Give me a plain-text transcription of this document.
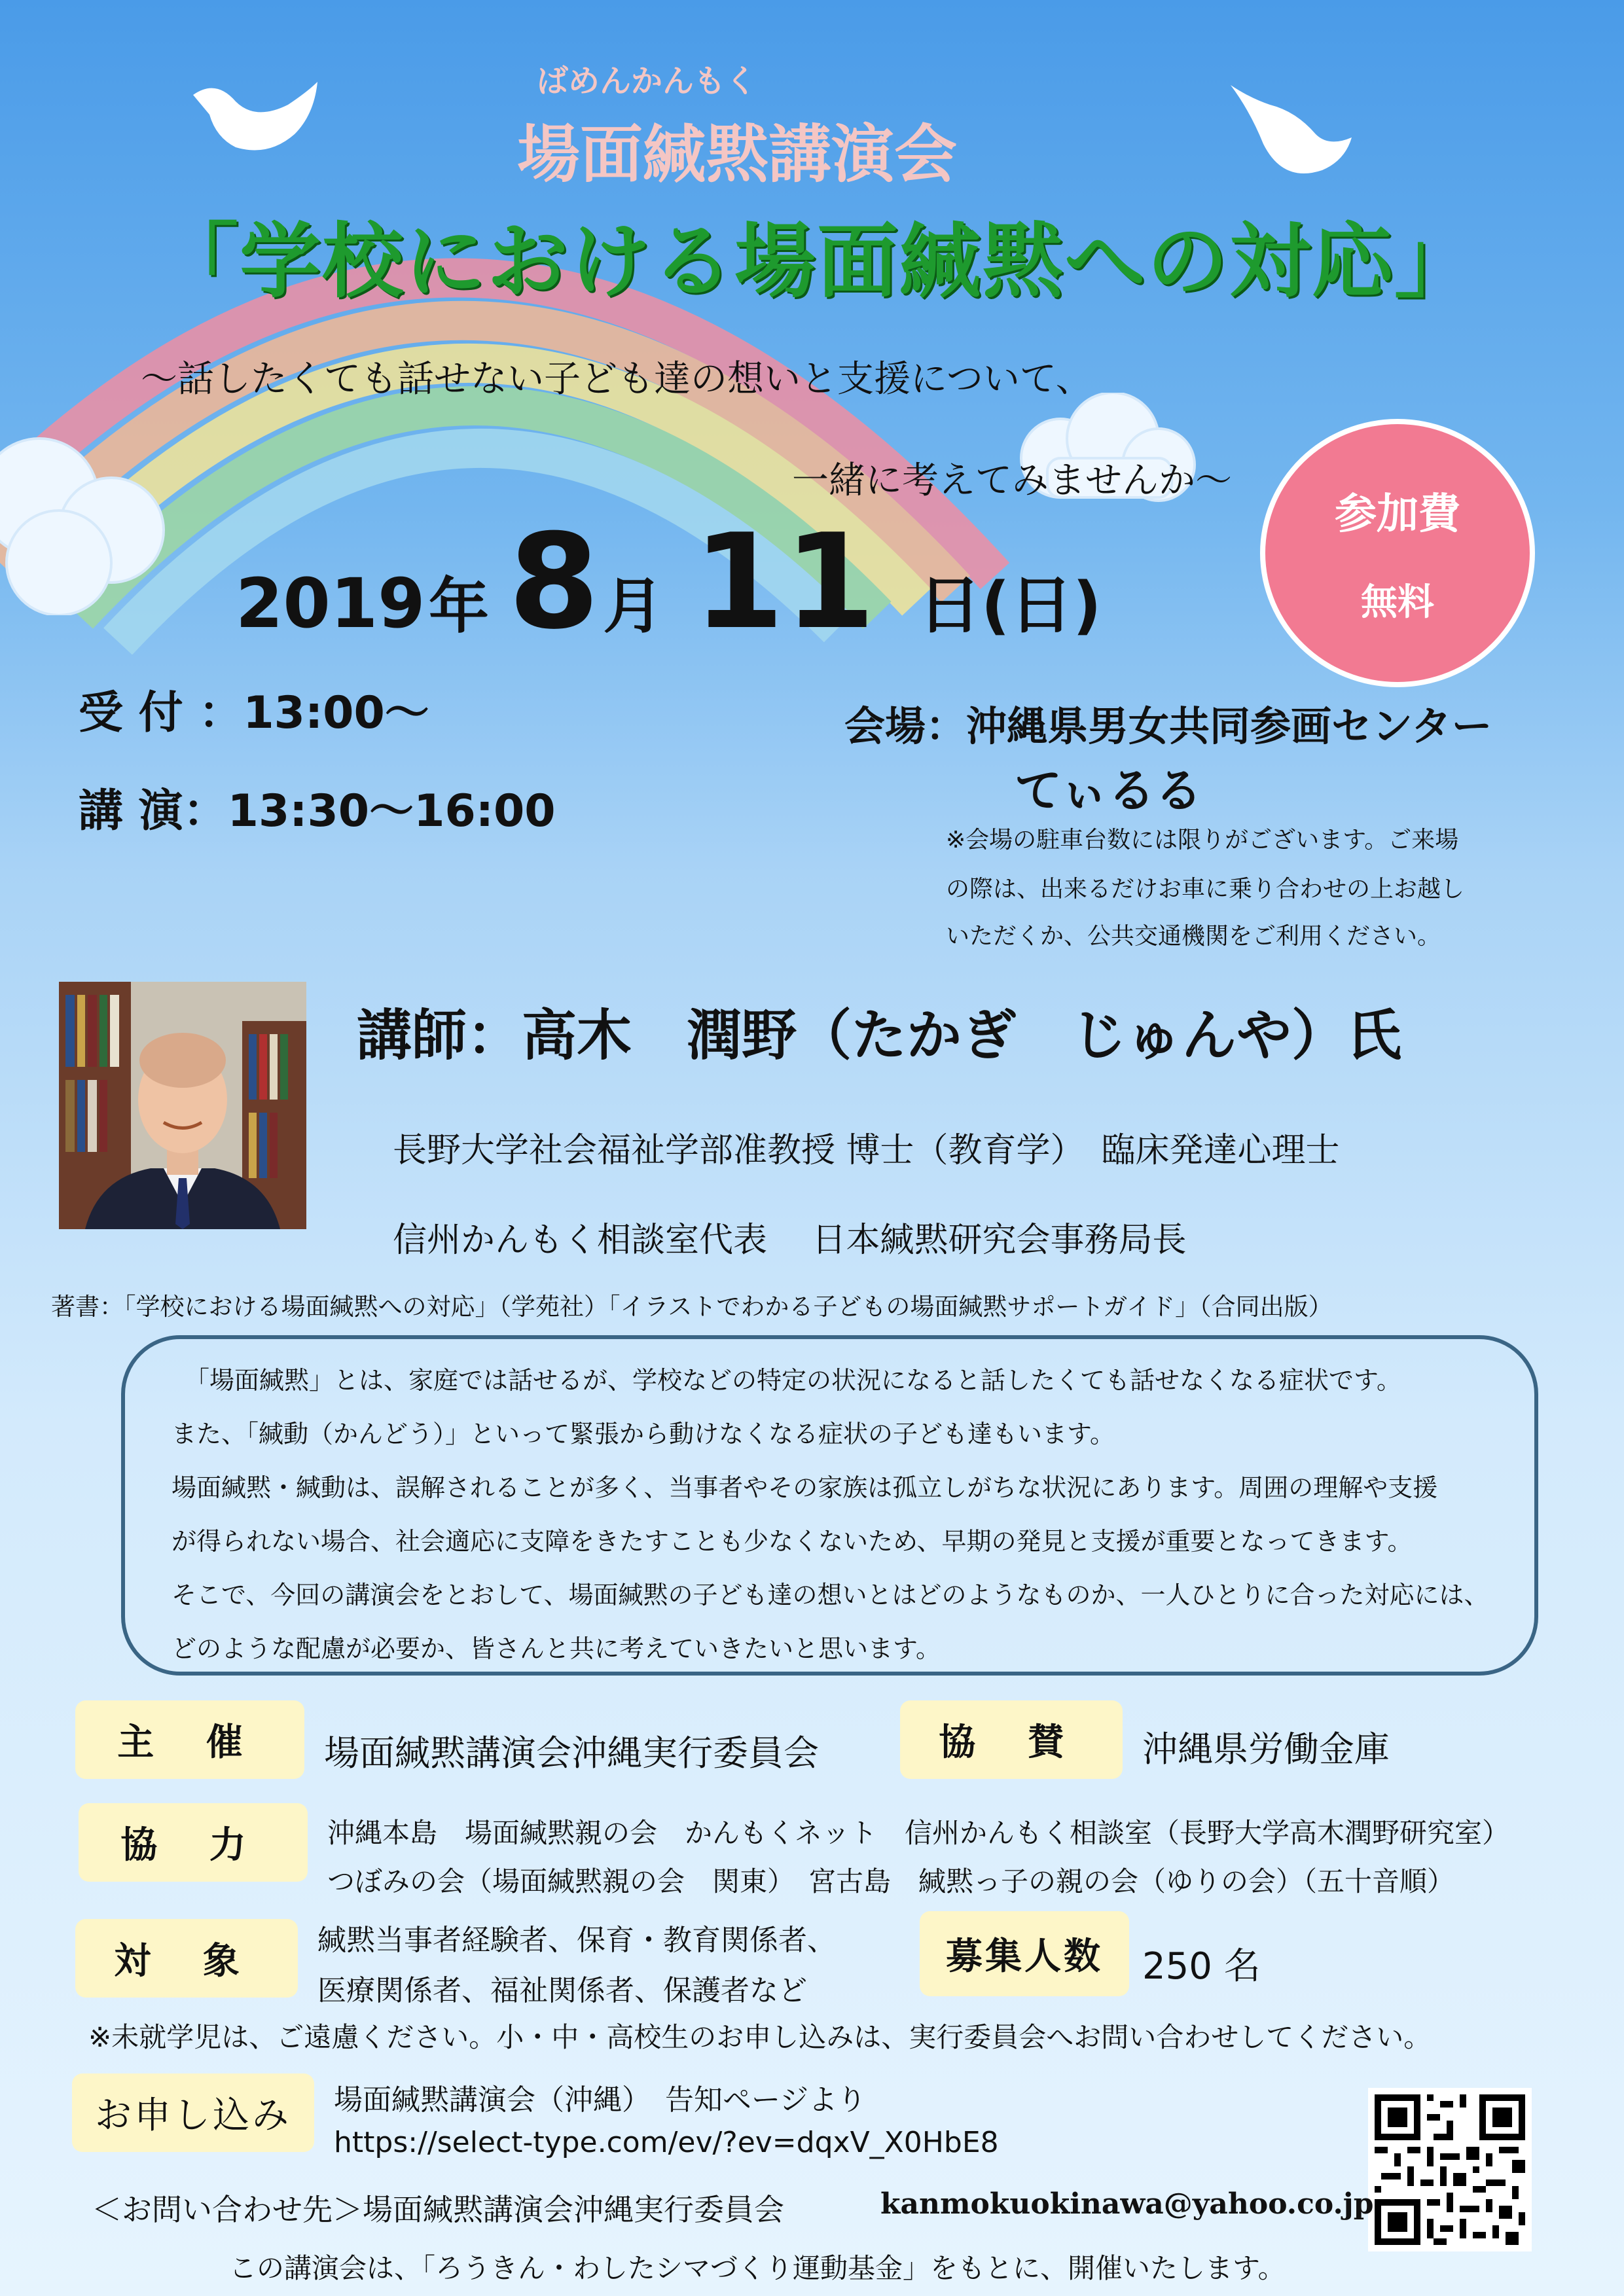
ばめんかんもく
場面緘黙講演会
「学校における場面緘黙への対応」
〜話したくても話せない子ども達の想いと支援について、
一緒に考えてみませんか〜
参加費
無料
2019 年 8 月 11 日(日)
受 付 ：13:00〜
講 演：13:30〜16:00
会場：沖縄県男女共同参画センター
てぃるる
※会場の駐車台数には限りがございます。ご来場
の際は、出来るだけお車に乗り合わせの上お越し
いただくか、公共交通機関をご利用ください。
講師：高木　潤野（たかぎ　じゅんや）氏
長野大学社会福祉学部准教授 博士（教育学）　臨床発達心理士
信州かんもく相談室代表　 日本緘黙研究会事務局長
著書：「学校における場面緘黙への対応」（学苑社）「イラストでわかる子どもの場面緘黙サポートガイド」（合同出版）
「場面緘黙」とは、家庭では話せるが、学校などの特定の状況になると話したくても話せなくなる症状です。
また、「緘動（かんどう）」といって緊張から動けなくなる症状の子ども達もいます。
場面緘黙・緘動は、誤解されることが多く、当事者やその家族は孤立しがちな状況にあります。周囲の理解や支援
が得られない場合、社会適応に支障をきたすことも少なくないため、早期の発見と支援が重要となってきます。
そこで、今回の講演会をとおして、場面緘黙の子ども達の想いとはどのようなものか、一人ひとりに合った対応には、
どのような配慮が必要か、皆さんと共に考えていきたいと思います。
主 催	場面緘黙講演会沖縄実行委員会	協 賛	沖縄県労働金庫
協 力	沖縄本島　場面緘黙親の会　かんもくネット　信州かんもく相談室（長野大学高木潤野研究室）
つぼみの会（場面緘黙親の会　関東）　宮古島　緘黙っ子の親の会（ゆりの会）（五十音順）
対 象	緘黙当事者経験者、保育・教育関係者、
医療関係者、福祉関係者、保護者など
募集人数	250 名
※未就学児は、ご遠慮ください。小・中・高校生のお申し込みは、実行委員会へお問い合わせしてください。
お申し込み	場面緘黙講演会（沖縄）　告知ページより
https://select-type.com/ev/?ev=dqxV_X0HbE8
＜お問い合わせ先＞場面緘黙講演会沖縄実行委員会	kanmokuokinawa@yahoo.co.jp
この講演会は、「ろうきん・わしたシマづくり運動基金」をもとに、開催いたします。
